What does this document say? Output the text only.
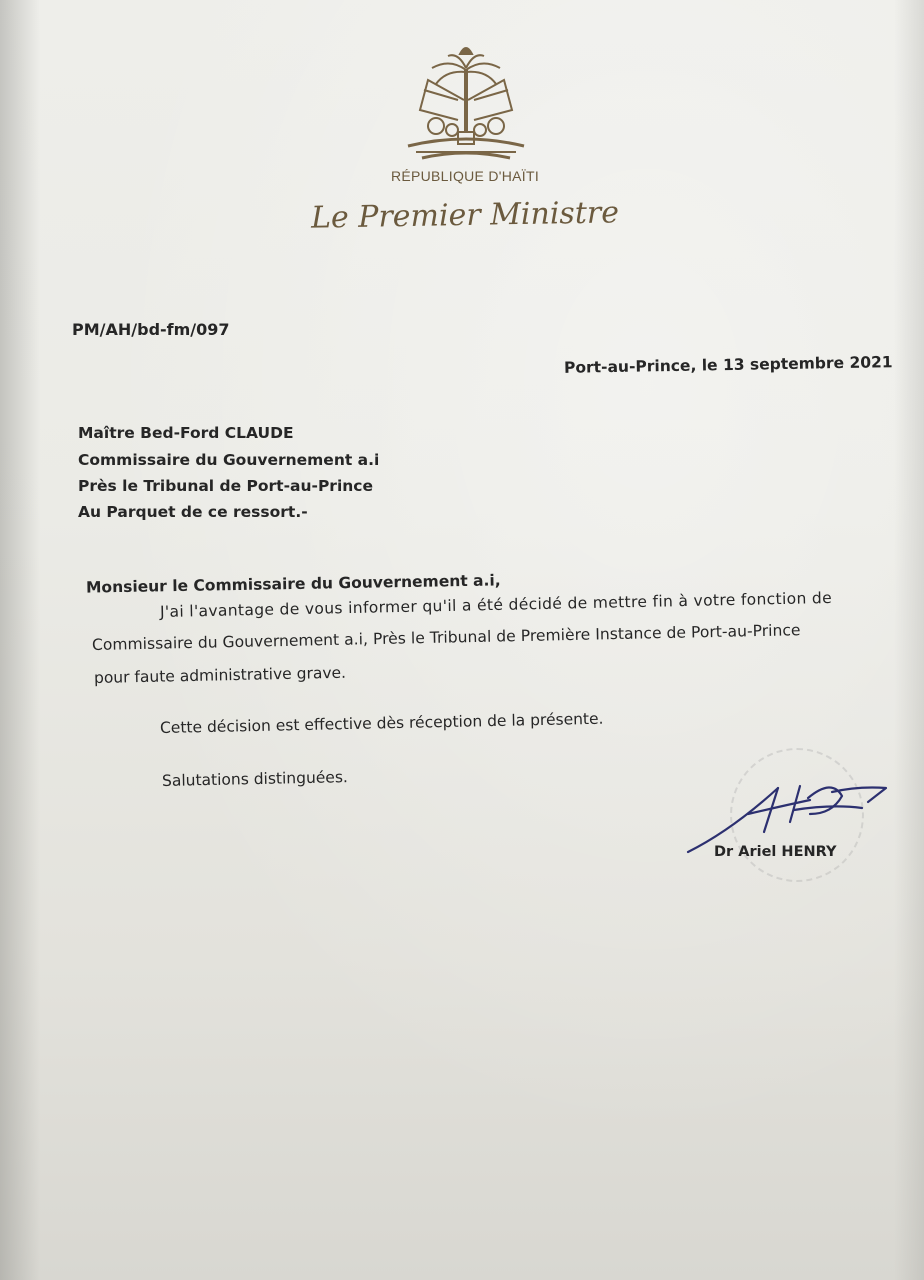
RÉPUBLIQUE D'HAÏTI
Le Premier Ministre
PM/AH/bd-fm/097
Port-au-Prince, le 13 septembre 2021
Maître Bed-Ford CLAUDE
Commissaire du Gouvernement a.i
Près le Tribunal de Port-au-Prince
Au Parquet de ce ressort.-
Monsieur le Commissaire du Gouvernement a.i,
J'ai l'avantage de vous informer qu'il a été décidé de mettre fin à votre fonction de
Commissaire du Gouvernement a.i, Près le Tribunal de Première Instance de Port-au-Prince
pour faute administrative grave.
Cette décision est effective dès réception de la présente.
Salutations distinguées.
Dr Ariel HENRY
